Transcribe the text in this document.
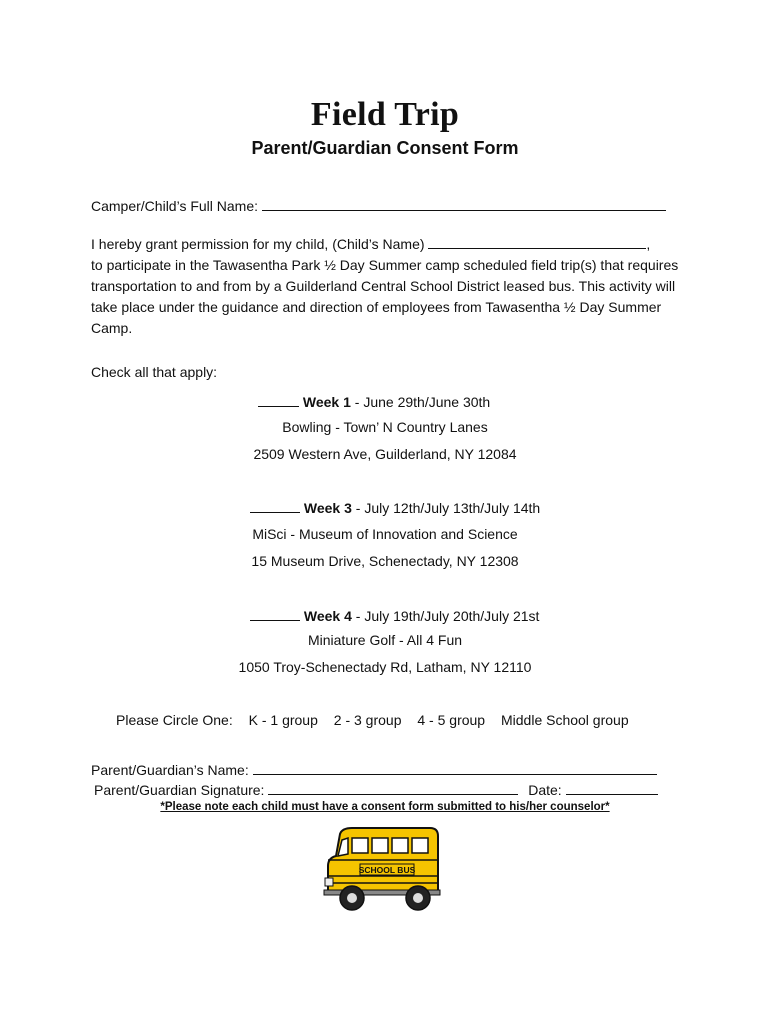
Field Trip
Parent/Guardian Consent Form
Camper/Child’s Full Name:
I hereby grant permission for my child, (Child’s Name)	,
to participate in the Tawasentha Park ½ Day Summer camp scheduled field trip(s) that requires transportation to and from by a Guilderland Central School District leased bus. This activity will take place under the guidance and direction of employees from Tawasentha ½ Day Summer Camp.
Check all that apply:
Week 1 - June 29th/June 30th
Bowling - Town’ N Country Lanes
2509 Western Ave, Guilderland, NY 12084
Week 3 - July 12th/July 13th/July 14th
MiSci - Museum of Innovation and Science
15 Museum Drive, Schenectady, NY 12308
Week 4 - July 19th/July 20th/July 21st
Miniature Golf - All 4 Fun
1050 Troy-Schenectady Rd, Latham, NY 12110
Please Circle One: K - 1 group 2 - 3 group 4 - 5 group Middle School group
Parent/Guardian’s Name:
Parent/Guardian Signature:	Date:
*Please note each child must have a consent form submitted to his/her counselor*
SCHOOL BUS
